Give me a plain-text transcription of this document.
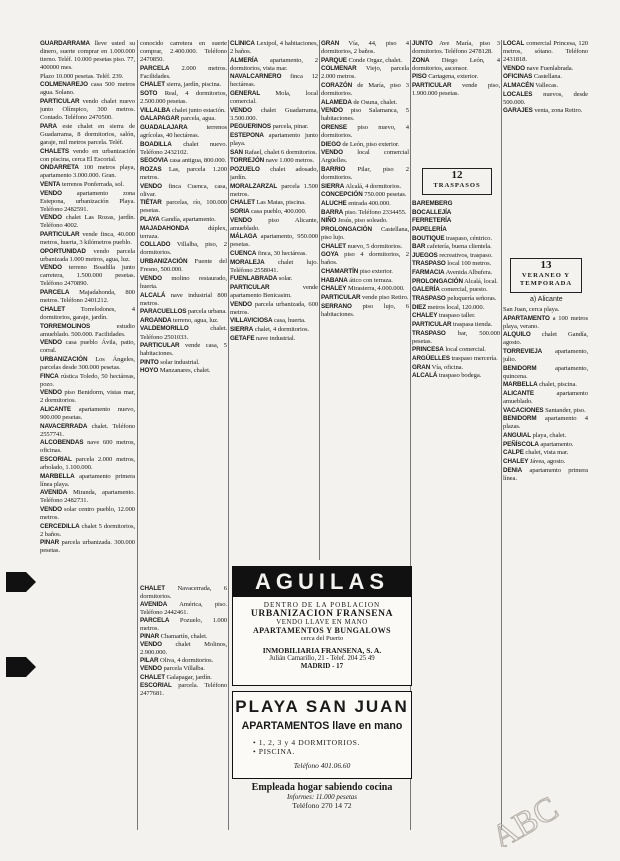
GUARDARRAMA lleve usted su dinero, suerte comprar en 1.000.000 tierno. Teléf. 10.000 pesetas piso. 77, 400000 mes.

Plazo 10.000 pesetas. Teléf. 239.

COLMENAREJO casa 500 metros agua. Solano.

PARTICULAR vendo chalet nuevo junto Olímpico, 300 metros. Contado. Teléfono 2470500.

PARA este chalet en sierra de Guadarrama, 8 dormitorios, salón, garaje, mil metros parcela. Teléf.

CHALETS vendo en urbanización con piscina, cerca El Escorial.

ONDARRETA 100 metros playa, apartamento 3.000.000. Gran.

VENTA terrenos Ponferrada, sol.

VENDO apartamento zona Estepona, urbanización Playa. Teléfono 2482591.

VENDO chalet Las Rozas, jardín. Teléfono 4002.

PARTICULAR vende finca, 40.000 metros, huerta, 3 kilómetros pueblo.

OPORTUNIDAD vendo parcela urbanizada 1.000 metros, agua, luz.

VENDO terreno Boadilla junto carretera, 1.500.000 pesetas. Teléfono 2470890.

PARCELA Majadahonda, 800 metros. Teléfono 2401212.

CHALET Torrelodones, 4 dormitorios, garaje, jardín.

TORREMOLINOS	estudio amueblado. 500.000. Facilidades.

VENDO casa pueblo Ávila, patio, corral.

URBANIZACIÓN Los Ángeles, parcelas desde 300.000 pesetas.

FINCA rústica Toledo, 50 hectáreas, pozo.

VENDO piso Benidorm, vistas mar, 2 dormitorios.

ALICANTE apartamento nuevo, 900.000 pesetas.

NAVACERRADA chalet. Teléfono 2557741.

ALCOBENDAS nave 600 metros, oficinas.

ESCORIAL parcela 2.000 metros, arbolado, 1.100.000.

MARBELLA apartamento primera línea playa.

AVENIDA Miranda, apartamento. Teléfono 2482731.

VENDO solar centro pueblo, 12.000 metros.

CERCEDILLA chalet 5 dormitorios, 2 baños.

PINAR parcela urbanizada. 300.000 pesetas.

conocido carretera en suerte comprar, 2.400.000. Teléfono 2470850.

PARCELA 2.000 metros. Facilidades.

CHALET sierra, jardín, piscina.

SOTO Real, 4 dormitorios, 2.500.000 pesetas.

VILLALBA chalet junto estación.

GALAPAGAR parcela, agua.

GUADALAJARA	terrenos agrícolas, 40 hectáreas.

BOADILLA chalet nuevo. Teléfono 2432102.

SEGOVIA casa antigua, 800.000.

ROZAS Las, parcela 1.200 metros.

VENDO finca Cuenca, casa, olivar.

TIÉTAR parcelas, río, 100.000 pesetas.

PLAYA Gandía, apartamento.

MAJADAHONDA	dúplex, terraza.

COLLADO Villalba, piso, 2 dormitorios.

URBANIZACIÓN Fuente del Fresno, 500.000.

VENDO molino restaurado, huerta.

ALCALÁ nave industrial 800 metros.

PARACUELLOS parcela urbana.

ARGANDA terreno, agua, luz.

VALDEMORILLO	chalet. Teléfono 2501033.

PARTICULAR vende casa, 5 habitaciones.

PINTO solar industrial.

HOYO Manzanares, chalet.

CHALET Navacerrada, 6 dormitorios.

AVENIDA América, piso. Teléfono 2442461.

PARCELA Pozuelo, 1.000 metros.

PINAR Chamartín, chalet.

VENDO chalet Molinos, 2.900.000.

PILAR Oliva, 4 dormitorios.

VENDO parcela Villalba.

CHALET Galapagar, jardín.

ESCORIAL parcela. Teléfono 2477681.

CLÍNICA Lexipol, 4 habitaciones, 2 baños.

ALMERÍA apartamento, 2 dormitorios, vista mar.

NAVALCARNERO finca 12 hectáreas.

GENERAL Mola, local comercial.

VENDO chalet Guadarrama, 3.500.000.

PEGUERINOS parcela, pinar.

ESTEPONA apartamento junto playa.

SAN Rafael, chalet 6 dormitorios.

TORREJÓN nave 1.000 metros.

POZUELO chalet adosado, jardín.

MORALZARZAL parcela 1.500 metros.

CHALET Las Matas, piscina.

SORIA casa pueblo, 400.000.

VENDO piso Alicante, amueblado.

MÁLAGA apartamento, 950.000 pesetas.

CUENCA finca, 30 hectáreas.

MORALEJA chalet lujo. Teléfono 2558041.

FUENLABRADA solar.

PARTICULAR	vende apartamento Benicasim.

VENDO parcela urbanizada, 600 metros.

VILLAVICIOSA casa, huerta.

SIERRA chalet, 4 dormitorios.

GETAFE nave industrial.

GRAN Vía, 44, piso 4 dormitorios, 2 baños.

PARQUE Conde Orgaz, chalet.

COLMENAR Viejo, parcela 2.000 metros.

CORAZÓN de María, piso 3 dormitorios.

ALAMEDA de Osuna, chalet.

VENDO piso Salamanca, 5 habitaciones.

ORENSE piso nuevo, 4 dormitorios.

DIEGO de León, piso exterior.

VENDO local comercial Argüelles.

BARRIO Pilar, piso 2 dormitorios.

SIERRA Alcalá, 4 dormitorios.

CONCEPCIÓN 750.000 pesetas.

ALUCHE entrada 400.000.

BARRA piso. Teléfono 2334455.

NIÑO Jesús, piso soleado.

PROLONGACIÓN Castellana, piso lujo.

CHALET nuevo, 5 dormitorios.

GOYA piso 4 dormitorios, 2 baños.

CHAMARTÍN piso exterior.

HABANA ático con terraza.

CHALEY Mirasierra, 4.000.000.

PARTICULAR vende piso Retiro.

SERRANO piso lujo, 6 habitaciones.

JUNTO Ave María, piso 3 dormitorios. Teléfono 2478128.

ZONA Diego León, 4 dormitorios, ascensor.

PISO Cartagena, exterior.

PARTICULAR vende piso, 1.900.000 pesetas.

12
TRASPASOS

BAREMBERG

BOCALLEJÍA

FERRETERÍA

PAPELERÍA

BOUTIQUE traspaso, céntrico.

BAR cafetería, buena clientela.

JUEGOS recreativos, traspaso.

TRASPASO local 100 metros.

FARMACIA Avenida Albufera.

PROLONGACIÓN Alcalá, local.

GALERÍA comercial, puesto.

TRASPASO peluquería señoras.

DIEZ metros local, 120.000.

CHALEY traspaso taller.

PARTICULAR traspasa tienda.

TRASPASO bar, 500.000 pesetas.

PRINCESA local comercial.

ARGÜELLES traspaso mercería.

GRAN Vía, oficina.

ALCALÁ traspaso bodega.

LOCAL comercial Princesa, 120 metros, sótano. Teléfono 2431818.

VENDO nave Fuenlabrada.

OFICINAS Castellana.

ALMACÉN Vallecas.

LOCALES nuevos, desde 500.000.

GARAJES venta, zona Retiro.

13
VERANEO Y TEMPORADA
a) Alicante

San Juan, cerca playa.

APARTAMENTO a 100 metros playa, verano.

ALQUILO chalet Gandía, agosto.

TORREVIEJA apartamento, julio.

BENIDORM	apartamento, quincena.

MARBELLA chalet, piscina.

ALICANTE	apartamento amueblado.

VACACIONES Santander, piso.

BENIDORM apartamento 4 plazas.

ANGUIAL playa, chalet.

PEÑÍSCOLA apartamento.

CALPE chalet, vista mar.

CHALEY Jávea, agosto.

DENIA apartamento primera línea.

AGUILAS
DENTRO DE LA POBLACION
URBANIZACION FRANSENA
VENDO LLAVE EN MANO
APARTAMENTOS Y BUNGALOWS
cerca del Puerto
INMOBILIARIA FRANSENA, S. A.
Julián Camarillo, 21 - Telef. 204 25 49
MADRID - 17
PLAYA SAN JUAN
APARTAMENTOS llave en mano
• 1, 2, 3 y 4 DORMITORIOS.
• PISCINA.
Teléfono 401.06.60
Empleada hogar sabiendo cocina
Informes: 11.000 pesetas
Teléfono 270 14 72	ABC
